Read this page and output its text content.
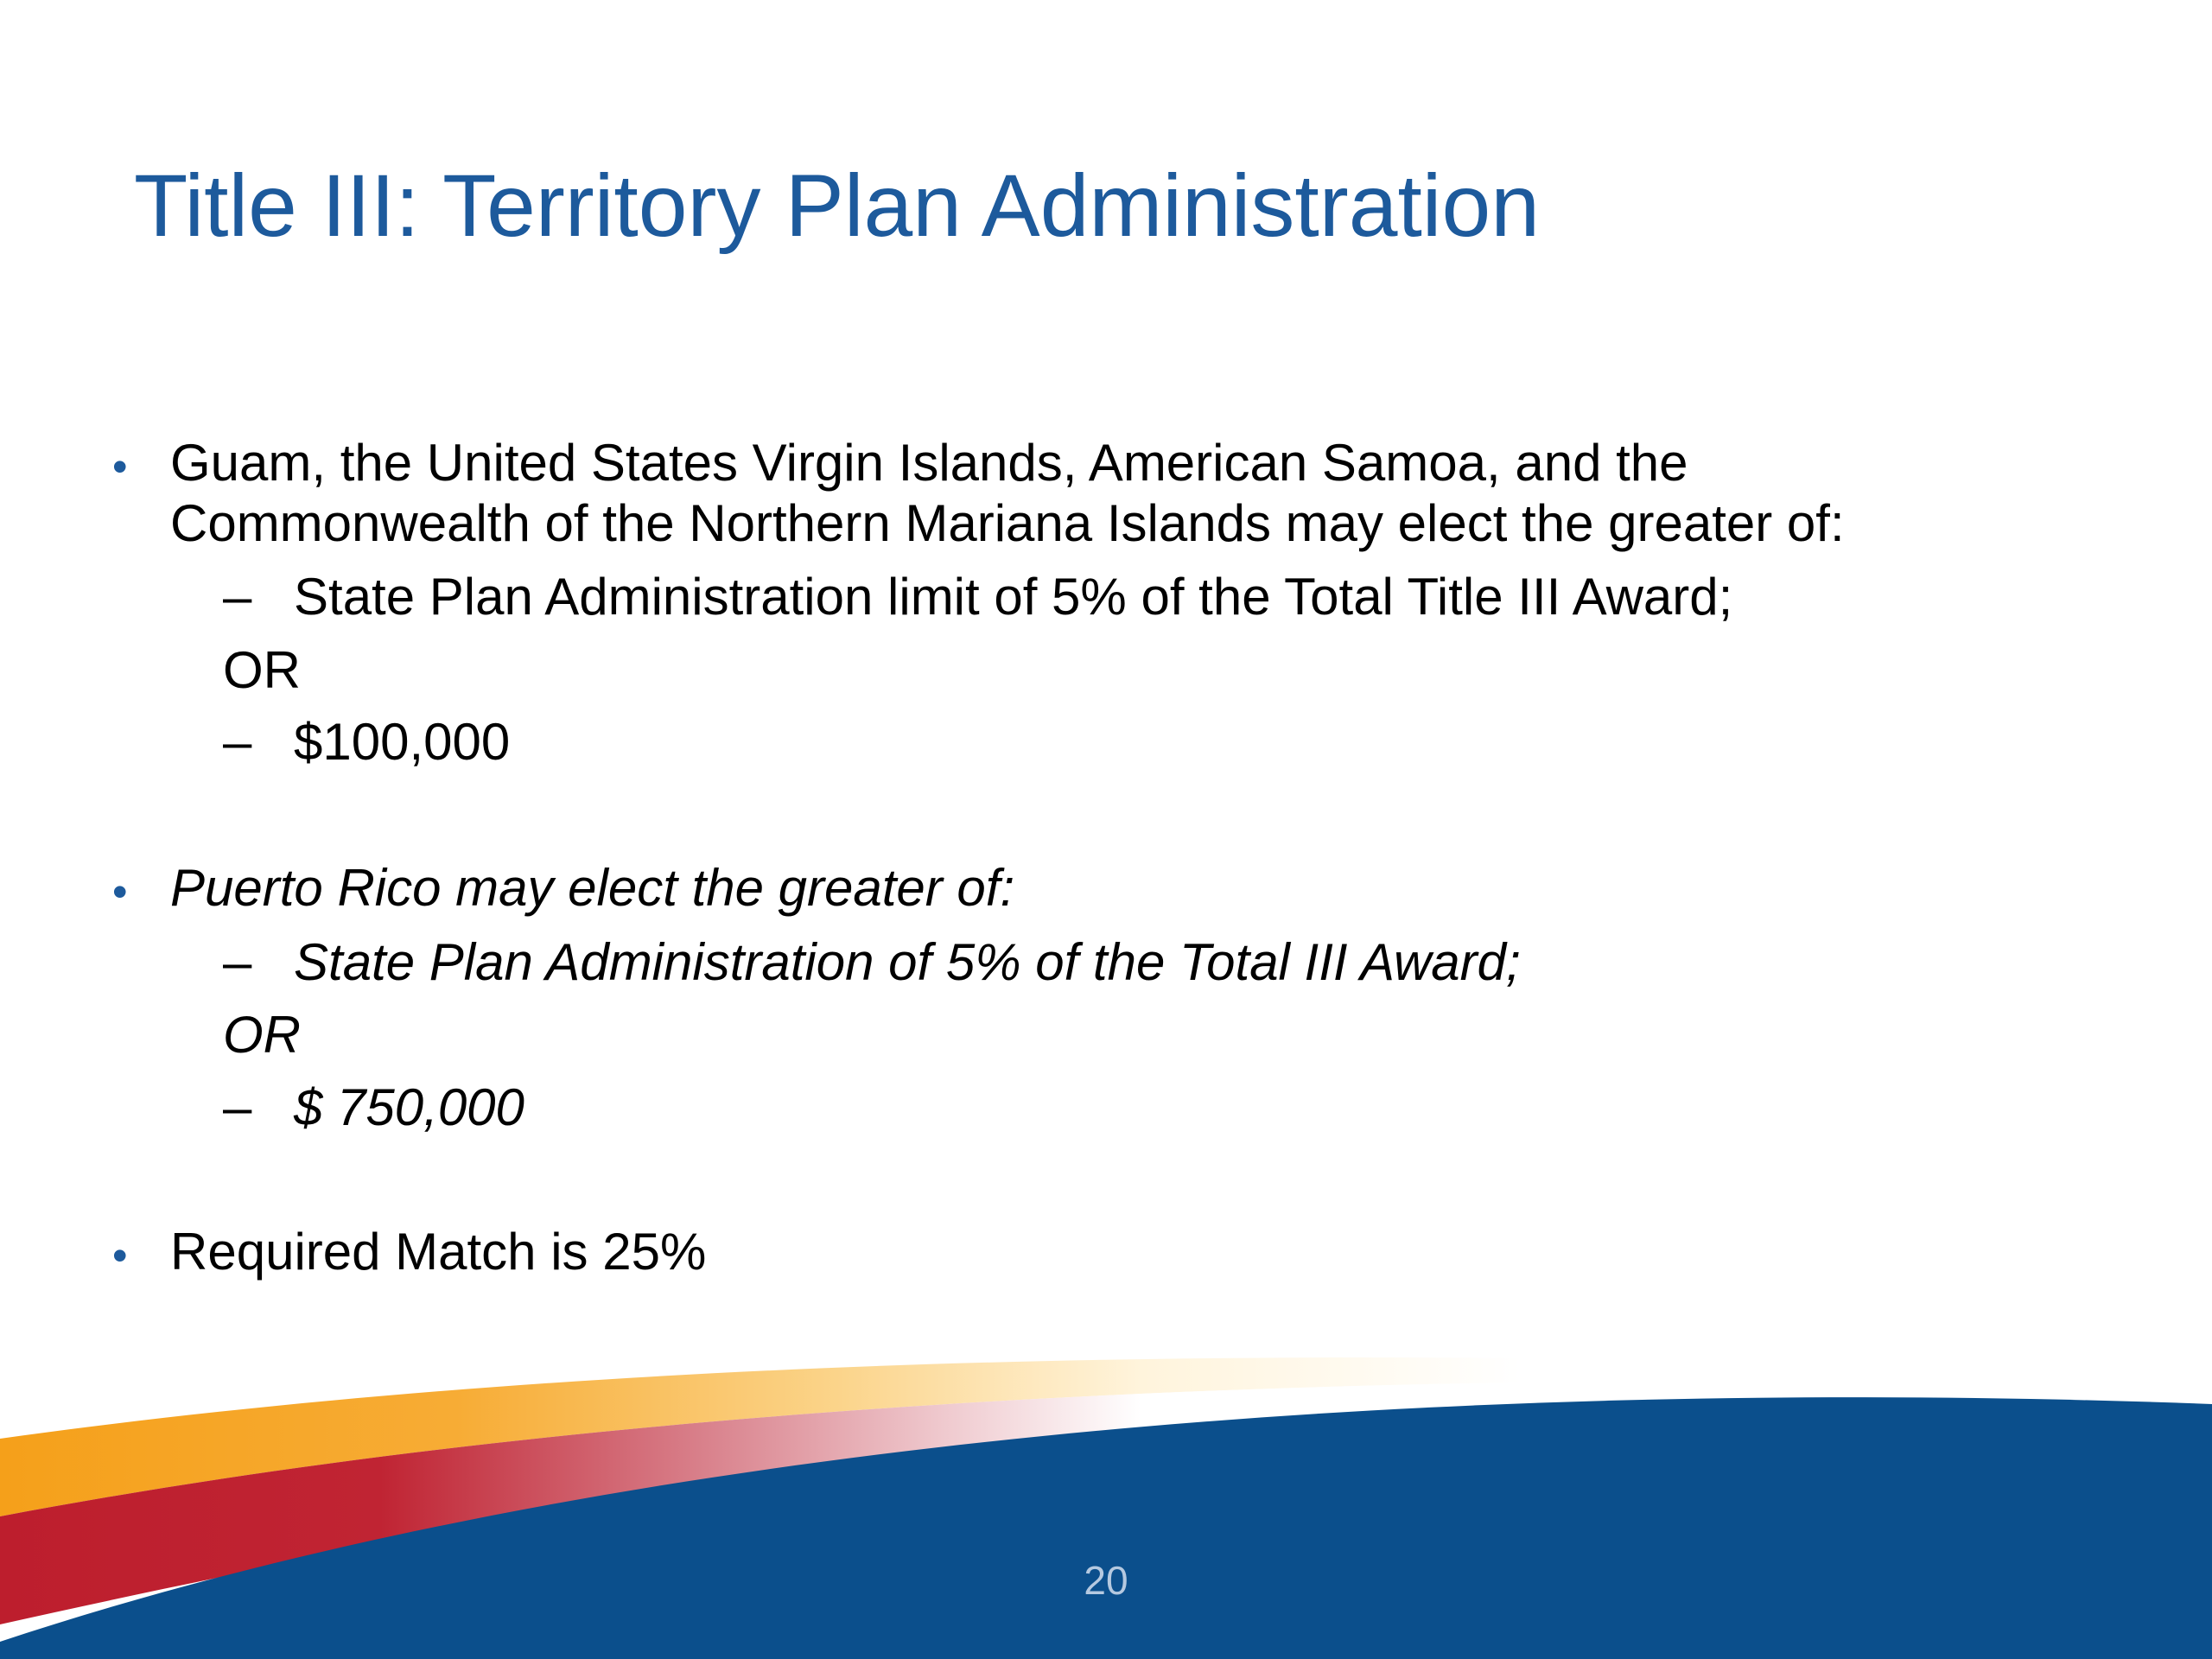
Title III: Territory Plan Administration
• Guam, the United States Virgin Islands, American Samoa, and the
Commonwealth of the Northern Mariana Islands may elect the greater of:
– State Plan Administration limit of 5% of the Total Title III Award;
OR
– $100,000
• Puerto Rico may elect the greater of:
– State Plan Administration of 5% of the Total III Award;
OR
– $ 750,000
• Required Match is 25%
20
